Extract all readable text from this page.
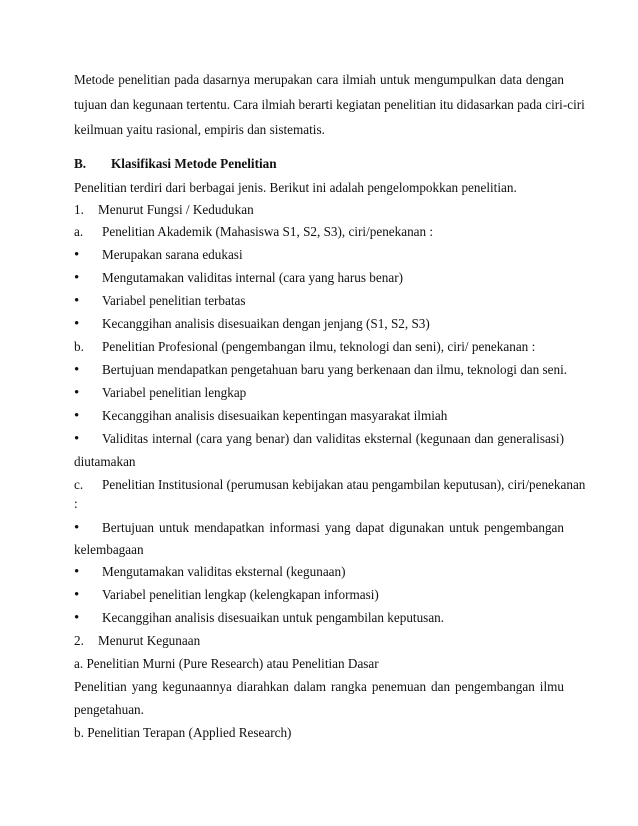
Metode penelitian pada dasarnya merupakan cara ilmiah untuk mengumpulkan data dengan
tujuan dan kegunaan tertentu. Cara ilmiah berarti kegiatan penelitian itu didasarkan pada ciri-ciri
keilmuan yaitu rasional, empiris dan sistematis.
B. Klasifikasi Metode Penelitian
Penelitian terdiri dari berbagai jenis. Berikut ini adalah pengelompokkan penelitian.
1. Menurut Fungsi / Kedudukan
a. Penelitian Akademik (Mahasiswa S1, S2, S3), ciri/penekanan :
•
Merupakan sarana edukasi
•
Mengutamakan validitas internal (cara yang harus benar)
•
Variabel penelitian terbatas
•
Kecanggihan analisis disesuaikan dengan jenjang (S1, S2, S3)
b. Penelitian Profesional (pengembangan ilmu, teknologi dan seni), ciri/ penekanan :
•
Bertujuan mendapatkan pengetahuan baru yang berkenaan dan ilmu, teknologi dan seni.
•
Variabel penelitian lengkap
•
Kecanggihan analisis disesuaikan kepentingan masyarakat ilmiah
•
Validitas internal (cara yang benar) dan validitas eksternal (kegunaan dan generalisasi)
diutamakan
c. Penelitian Institusional (perumusan kebijakan atau pengambilan keputusan), ciri/penekanan
:
•
Bertujuan untuk mendapatkan informasi yang dapat digunakan untuk pengembangan
kelembagaan
•
Mengutamakan validitas eksternal (kegunaan)
•
Variabel penelitian lengkap (kelengkapan informasi)
•
Kecanggihan analisis disesuaikan untuk pengambilan keputusan.
2. Menurut Kegunaan
a. Penelitian Murni (Pure Research) atau Penelitian Dasar
Penelitian yang kegunaannya diarahkan dalam rangka penemuan dan pengembangan ilmu
pengetahuan.
b. Penelitian Terapan (Applied Research)
